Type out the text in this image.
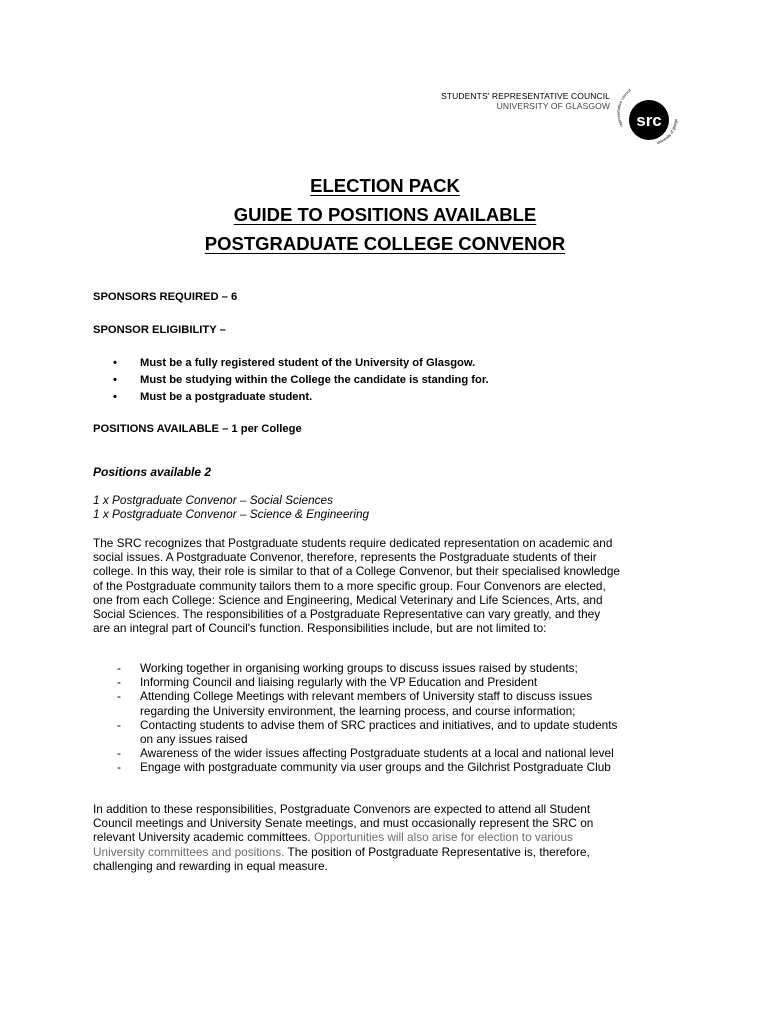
STUDENTS' REPRESENTATIVE COUNCIL
UNIVERSITY OF GLASGOW
src
representative council
university of glasgo
ELECTION PACK
GUIDE TO POSITIONS AVAILABLE
POSTGRADUATE COLLEGE CONVENOR
SPONSORS REQUIRED – 6
SPONSOR ELIGIBILITY –
• Must be a fully registered student of the University of Glasgow.
• Must be studying within the College the candidate is standing for.
• Must be a postgraduate student.
POSITIONS AVAILABLE – 1 per College
Positions available 2
1 x Postgraduate Convenor – Social Sciences
1 x Postgraduate Convenor – Science & Engineering
The SRC recognizes that Postgraduate students require dedicated representation on academic and
social issues. A Postgraduate Convenor, therefore, represents the Postgraduate students of their
college. In this way, their role is similar to that of a College Convenor, but their specialised knowledge
of the Postgraduate community tailors them to a more specific group. Four Convenors are elected,
one from each College: Science and Engineering, Medical Veterinary and Life Sciences, Arts, and
Social Sciences. The responsibilities of a Postgraduate Representative can vary greatly, and they
are an integral part of Council's function. Responsibilities include, but are not limited to:
- Working together in organising working groups to discuss issues raised by students;
- Informing Council and liaising regularly with the VP Education and President
- Attending College Meetings with relevant members of University staff to discuss issues
regarding the University environment, the learning process, and course information;
- Contacting students to advise them of SRC practices and initiatives, and to update students
on any issues raised
- Awareness of the wider issues affecting Postgraduate students at a local and national level
- Engage with postgraduate community via user groups and the Gilchrist Postgraduate Club
In addition to these responsibilities, Postgraduate Convenors are expected to attend all Student
Council meetings and University Senate meetings, and must occasionally represent the SRC on
relevant University academic committees. Opportunities will also arise for election to various
University committees and positions. The position of Postgraduate Representative is, therefore,
challenging and rewarding in equal measure.
